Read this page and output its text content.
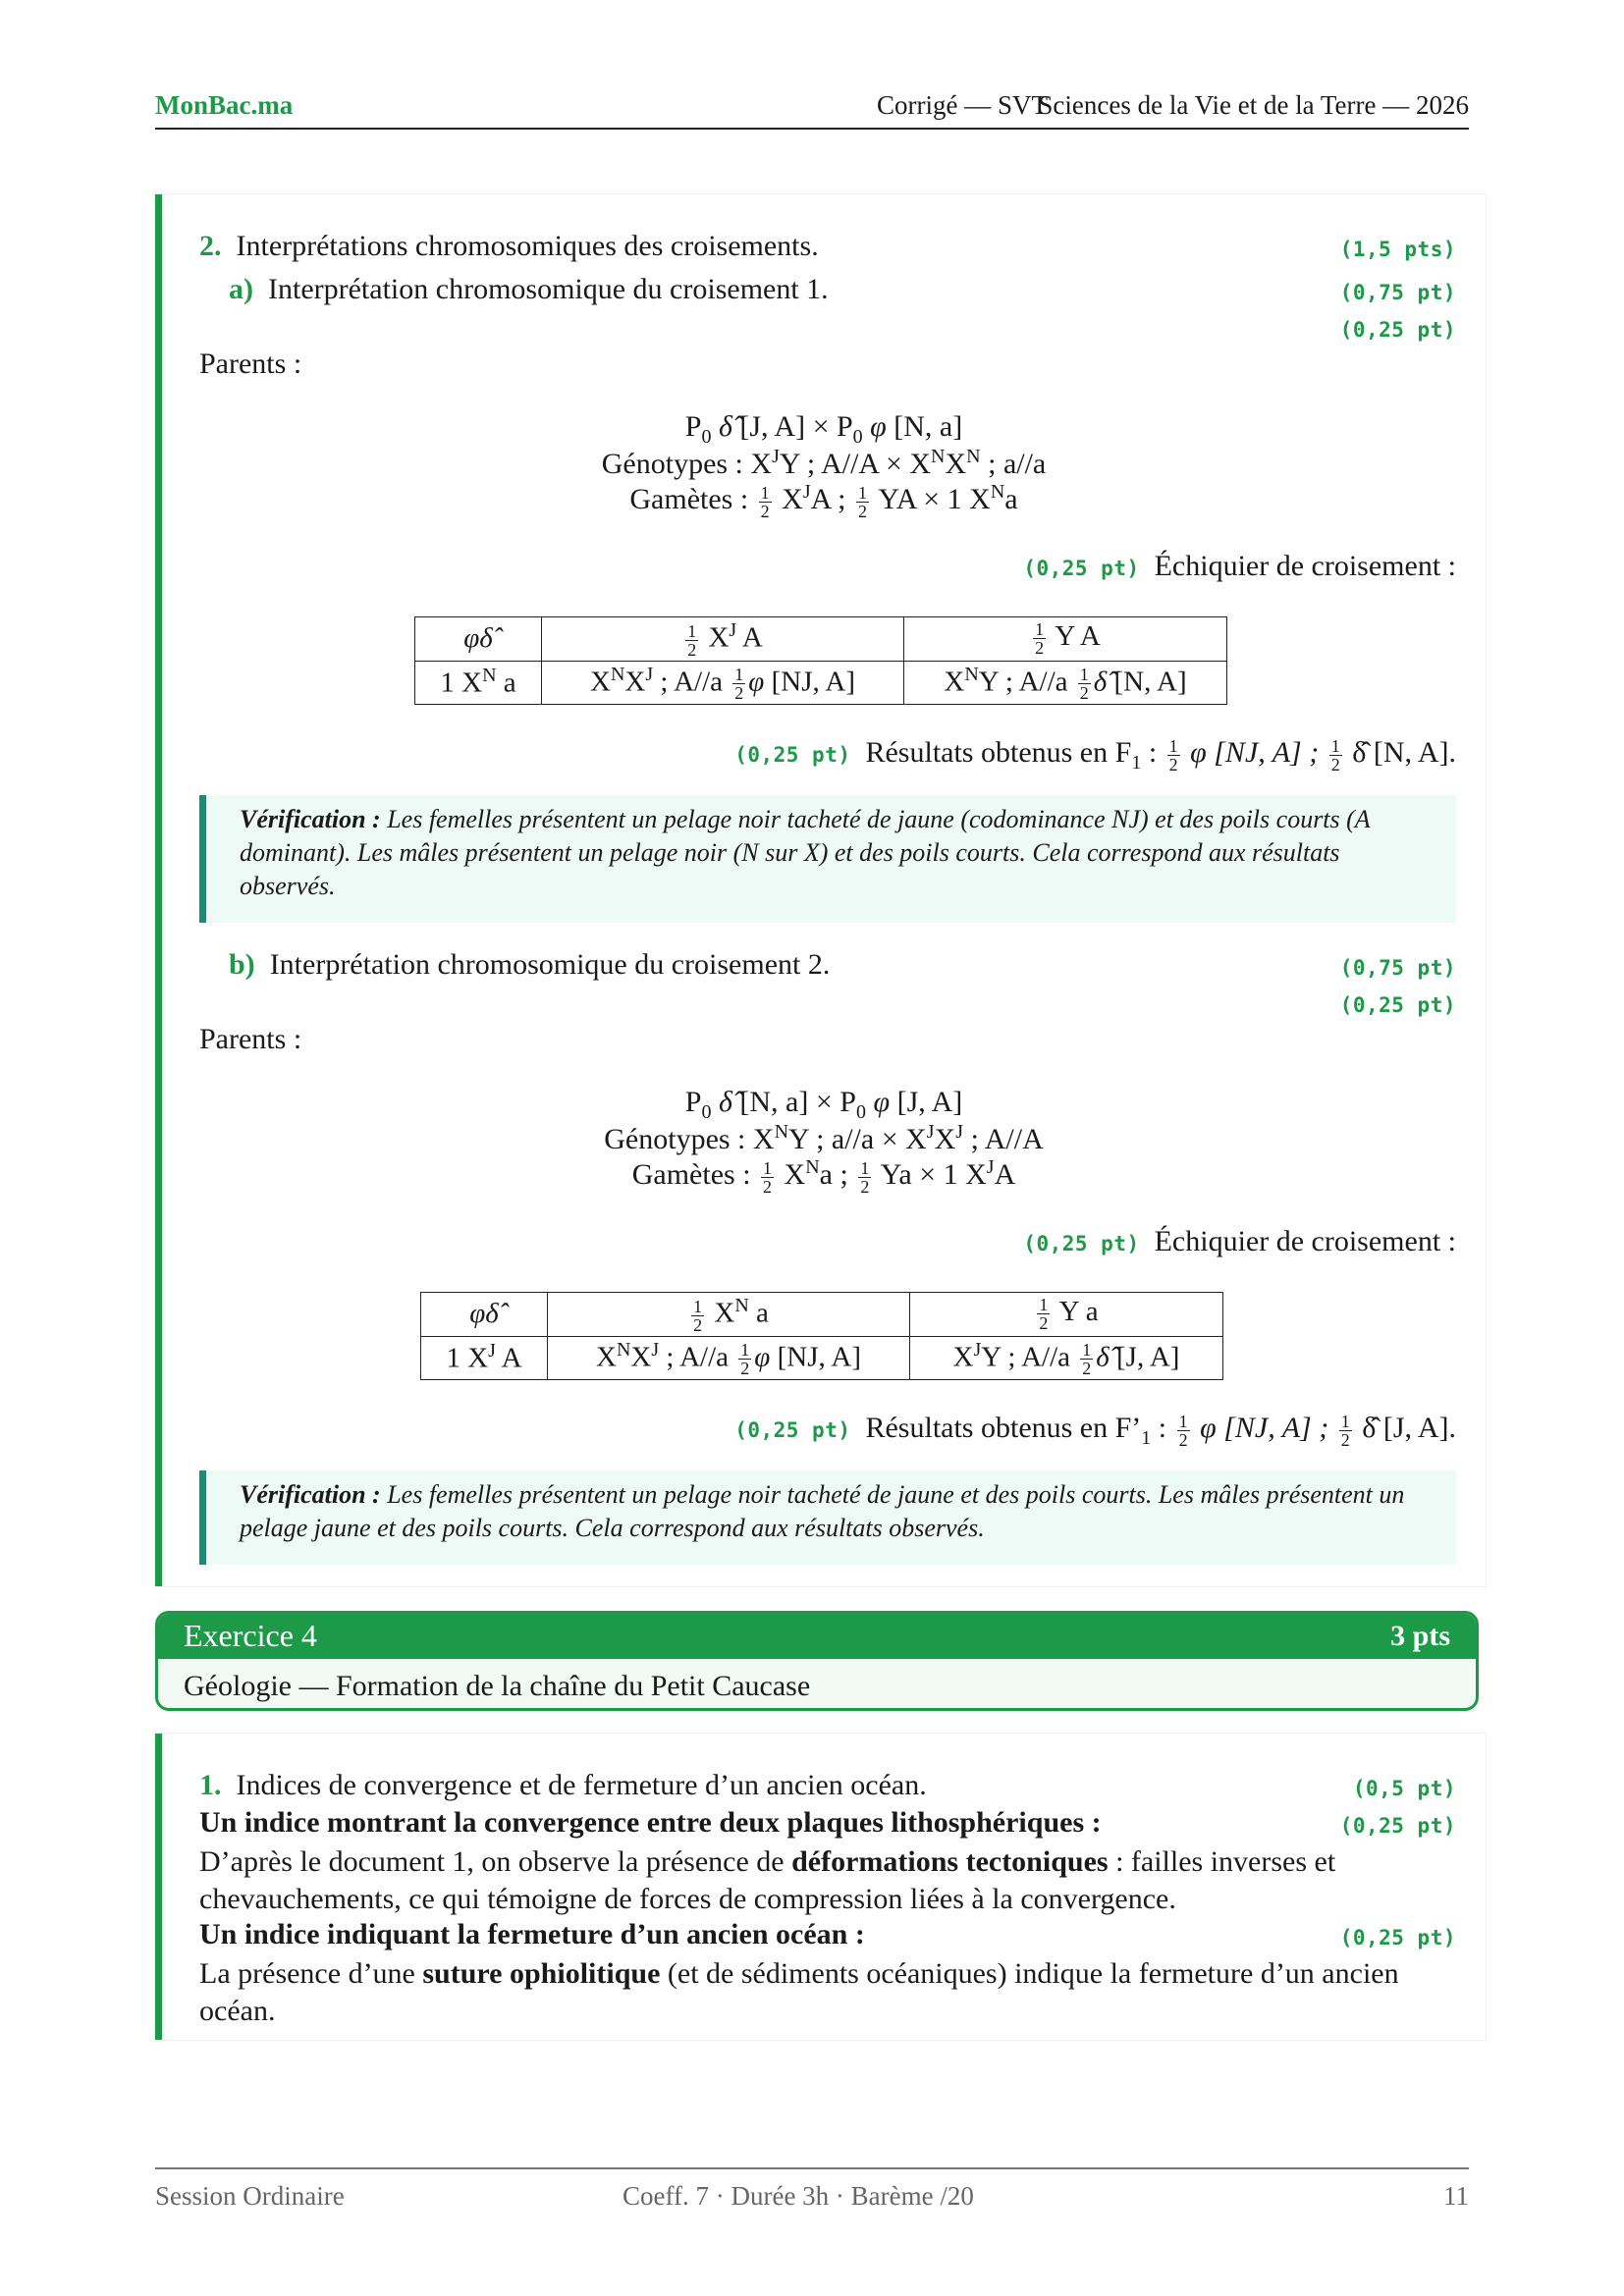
MonBac.ma	Corrigé — SVT
Sciences de la Vie et de la Terre — 2026
2. Interprétations chromosomiques des croisements.	(1,5 pts)
a) Interprétation chromosomique du croisement 1.	(0,75 pt)
(0,25 pt)
Parents :
$P_0$ δ̂ [J, $A] \times P_0$ φ [N, a]
Génotypes : $X^JY$ ; $A//A \times X^NX^N$ ; a//a
Gamètes : $\frac{1}{2} X^JA$ ; $\frac{1}{2}$ YA × 1 $X^Na$
(0,25 pt) Échiquier de croisement :
φδ̂	$\frac{1}{2} X^J$ A	$\frac{1}{2}$ Y A
1 $X^N$ a	$X^NX^J$ ; $A//a \frac{1}{2}$ φ [NJ, A]	$X^NY$ ; $A//a \frac{1}{2}$ δ̂ [N, A]
(0,25 pt) Résultats obtenus en $F_1$ : $\frac{1}{2}$ φ [NJ, A] ; $\frac{1}{2}$ δ̂ [N, A].
Vérification : Les femelles présentent un pelage noir tacheté de jaune (codominance NJ) et des poils courts (A dominant). Les mâles présentent un pelage noir (N sur X) et des poils courts. Cela correspond aux résultats observés.
b) Interprétation chromosomique du croisement 2.	(0,75 pt)
(0,25 pt)
Parents :
$P_0$ δ̂ [N, $a] \times P_0$ φ [J, A]
Génotypes : $X^NY$ ; $a//a \times X^JX^J$ ; A//A
Gamètes : $\frac{1}{2} X^Na$ ; $\frac{1}{2}$ Ya × 1 $X^JA$
(0,25 pt) Échiquier de croisement :
φδ̂	$\frac{1}{2} X^N$ a	$\frac{1}{2}$ Y a
1 $X^J$ A	$X^NX^J$ ; $A//a \frac{1}{2}$ φ [NJ, A]	$X^JY$ ; $A//a \frac{1}{2}$ δ̂ [J, A]
(0,25 pt) Résultats obtenus en $F’_1$ : $\frac{1}{2}$ φ [NJ, A] ; $\frac{1}{2}$ δ̂ [J, A].
Vérification : Les femelles présentent un pelage noir tacheté de jaune et des poils courts. Les mâles présentent un pelage jaune et des poils courts. Cela correspond aux résultats observés.
Exercice 4	3 pts
Géologie — Formation de la chaîne du Petit Caucase
1. Indices de convergence et de fermeture d’un ancien océan.	(0,5 pt)
Un indice montrant la convergence entre deux plaques lithosphériques :	(0,25 pt)
D’après le document 1, on observe la présence de déformations tectoniques : failles inverses et chevauchements, ce qui témoigne de forces de compression liées à la convergence.
Un indice indiquant la fermeture d’un ancien océan :	(0,25 pt)
La présence d’une suture ophiolitique (et de sédiments océaniques) indique la fermeture d’un ancien océan.
Session Ordinaire	Coeff. 7 · Durée 3h · Barème /20	11
